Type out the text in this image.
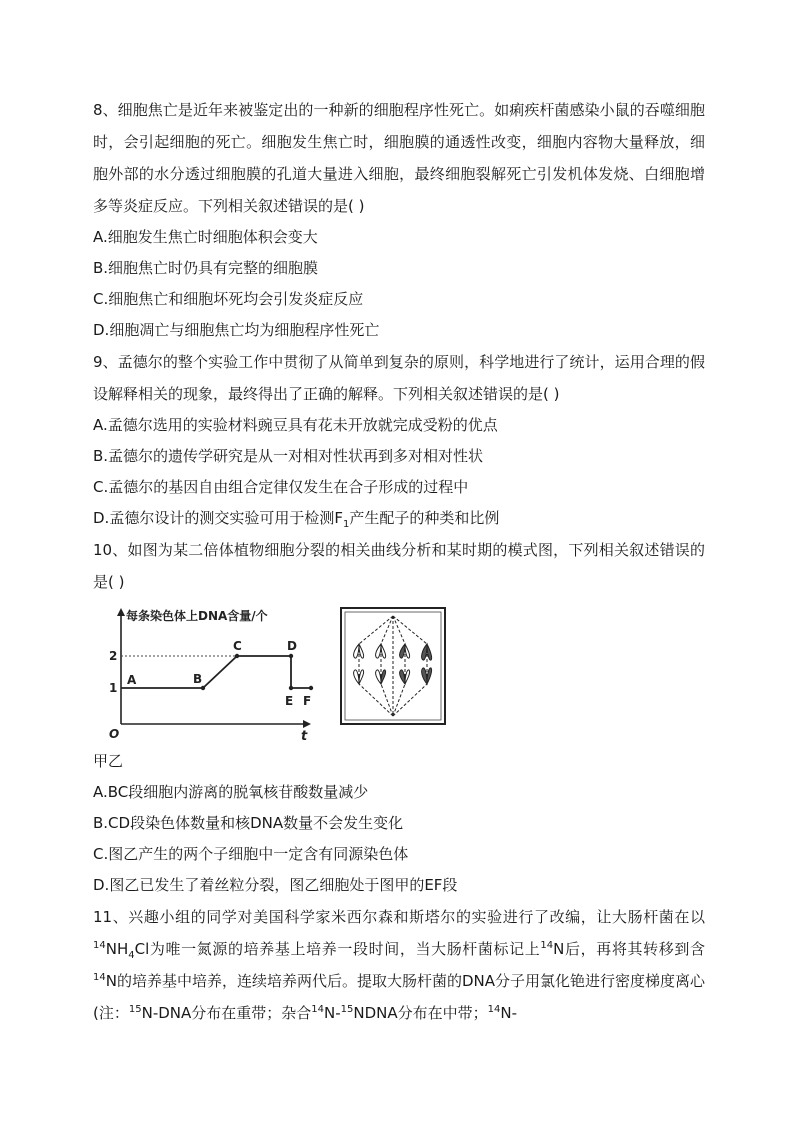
8、细胞焦亡是近年来被鉴定出的一种新的细胞程序性死亡。如痢疾杆菌感染小鼠的吞噬细胞时，会引起细胞的死亡。细胞发生焦亡时，细胞膜的通透性改变，细胞内容物大量释放，细胞外部的水分透过细胞膜的孔道大量进入细胞，最终细胞裂解死亡引发机体发烧、白细胞增多等炎症反应。下列相关叙述错误的是( )

A.细胞发生焦亡时细胞体积会变大

B.细胞焦亡时仍具有完整的细胞膜

C.细胞焦亡和细胞坏死均会引发炎症反应

D.细胞凋亡与细胞焦亡均为细胞程序性死亡

9、孟德尔的整个实验工作中贯彻了从简单到复杂的原则，科学地进行了统计，运用合理的假设解释相关的现象，最终得出了正确的解释。下列相关叙述错误的是( )

A.孟德尔选用的实验材料豌豆具有花未开放就完成受粉的优点

B.孟德尔的遗传学研究是从一对相对性状再到多对相对性状

C.孟德尔的基因自由组合定律仅发生在合子形成的过程中

D.孟德尔设计的测交实验可用于检测$F_1$产生配子的种类和比例

10、如图为某二倍体植物细胞分裂的相关曲线分析和某时期的模式图，下列相关叙述错误的是( )

每条染色体上DNA含量/个
2
1
O	t
A	B
C	D
E F

甲乙

A.BC段细胞内游离的脱氧核苷酸数量减少

B.CD段染色体数量和核DNA数量不会发生变化

C.图乙产生的两个子细胞中一定含有同源染色体

D.图乙已发生了着丝粒分裂，图乙细胞处于图甲的EF段

11、兴趣小组的同学对美国科学家米西尔森和斯塔尔的实验进行了改编，让大肠杆菌在以$^{14}NH_4Cl$为唯一氮源的培养基上培养一段时间，当大肠杆菌标记上$^{14}$N后，再将其转移到含$^{14}$N的培养基中培养，连续培养两代后。提取大肠杆菌的DNA分子用氯化铯进行密度梯度离心(注：$^{15}$N-DNA分布在重带；杂合$^{14}$N-$^{15}$NDNA分布在中带；$^{14}$N-
